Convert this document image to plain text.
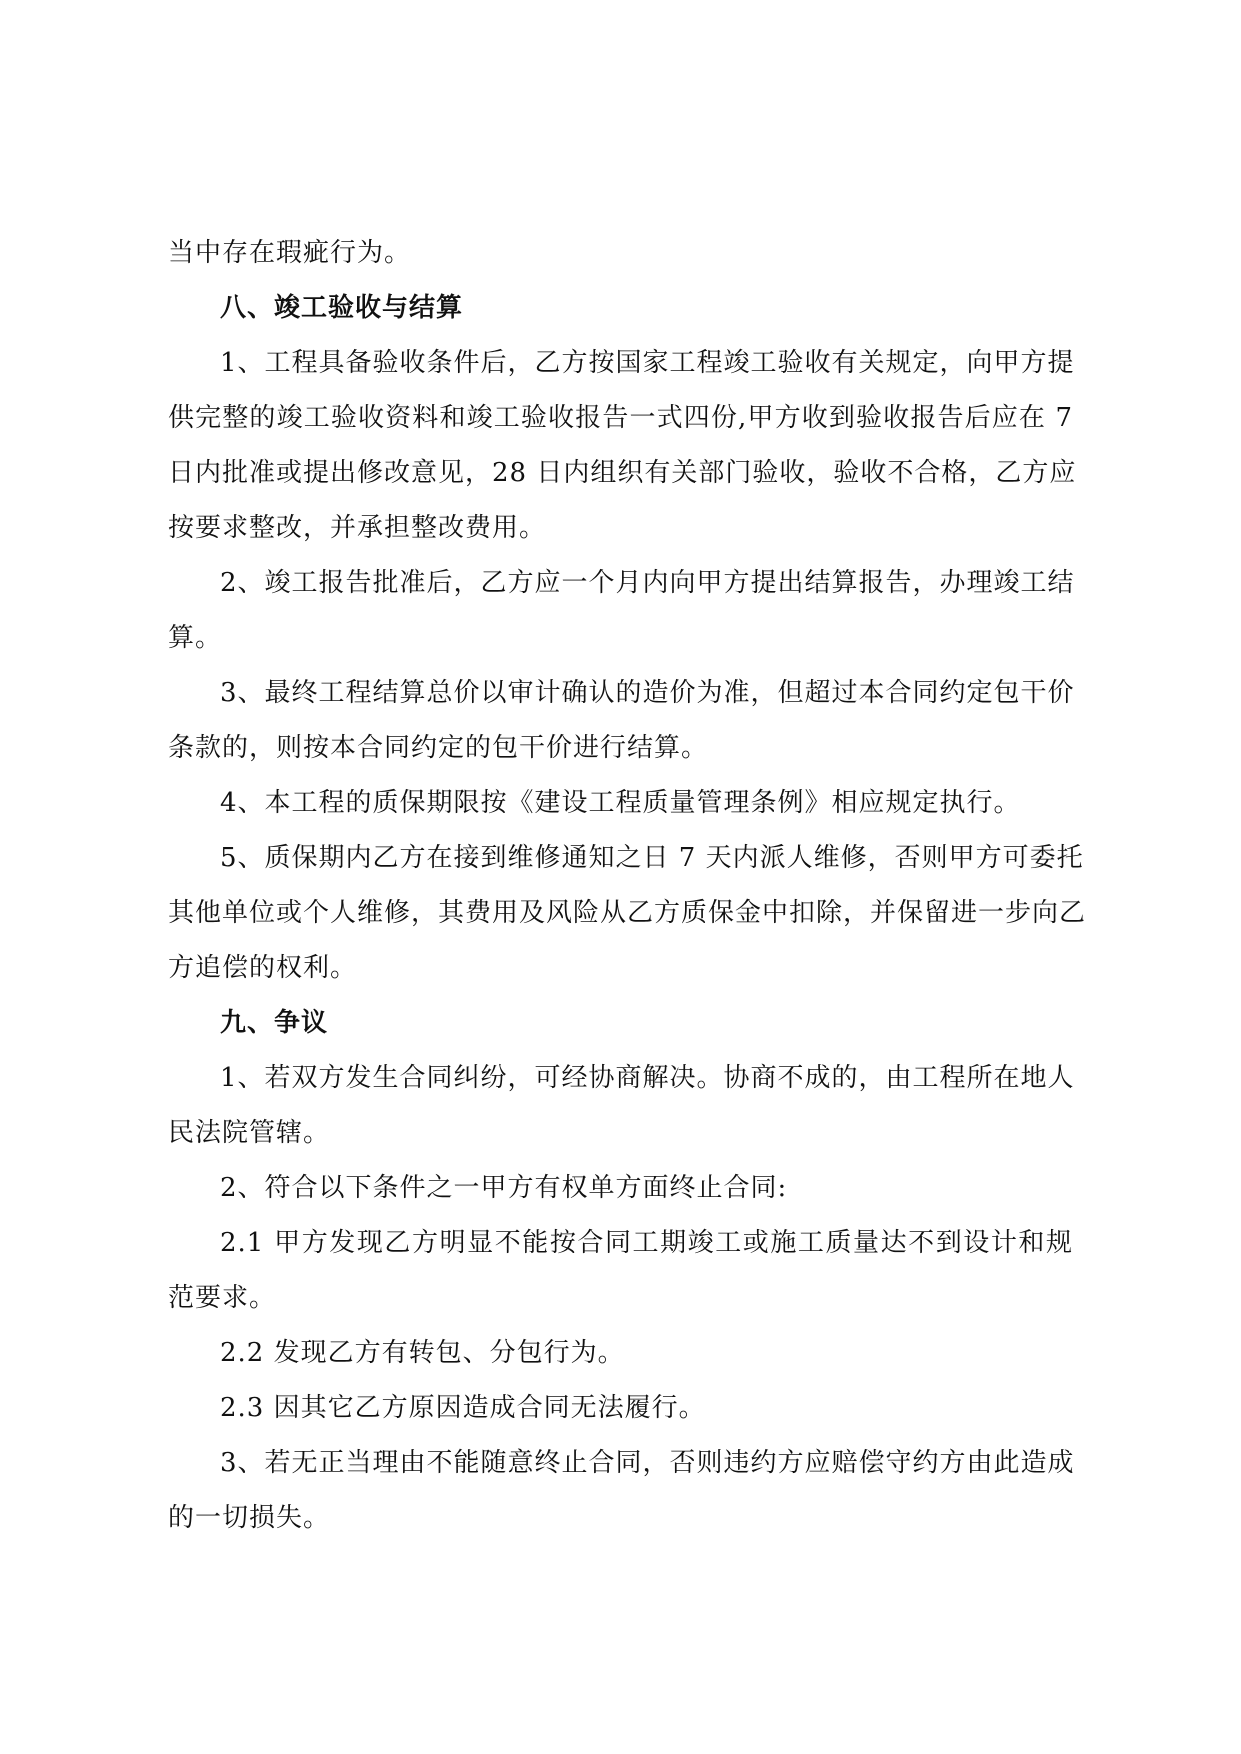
当中存在瑕疵行为。
八、竣工验收与结算
1、工程具备验收条件后，乙方按国家工程竣工验收有关规定，向甲方提
供完整的竣工验收资料和竣工验收报告一式四份,甲方收到验收报告后应在 7
日内批准或提出修改意见，28 日内组织有关部门验收，验收不合格，乙方应
按要求整改，并承担整改费用。
2、竣工报告批准后，乙方应一个月内向甲方提出结算报告，办理竣工结
算。
3、最终工程结算总价以审计确认的造价为准，但超过本合同约定包干价
条款的，则按本合同约定的包干价进行结算。
4、本工程的质保期限按《建设工程质量管理条例》相应规定执行。
5、质保期内乙方在接到维修通知之日 7 天内派人维修，否则甲方可委托
其他单位或个人维修，其费用及风险从乙方质保金中扣除，并保留进一步向乙
方追偿的权利。
九、争议
1、若双方发生合同纠纷，可经协商解决。协商不成的，由工程所在地人
民法院管辖。
2、符合以下条件之一甲方有权单方面终止合同:
2.1 甲方发现乙方明显不能按合同工期竣工或施工质量达不到设计和规
范要求。
2.2 发现乙方有转包、分包行为。
2.3 因其它乙方原因造成合同无法履行。
3、若无正当理由不能随意终止合同，否则违约方应赔偿守约方由此造成
的一切损失。
